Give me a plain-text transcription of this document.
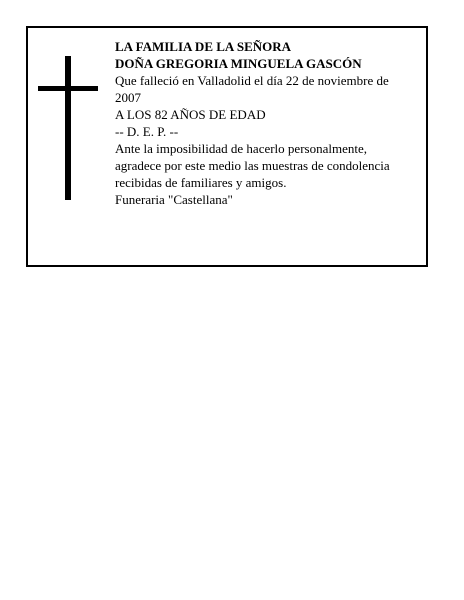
LA FAMILIA DE LA SEÑORA
DOÑA GREGORIA MINGUELA GASCÓN
Que falleció en Valladolid el día 22 de noviembre de 2007
A LOS 82 AÑOS DE EDAD
-- D. E. P. --
Ante la imposibilidad de hacerlo personalmente, agradece por este medio las muestras de condolencia recibidas de familiares y amigos.
Funeraria "Castellana"
